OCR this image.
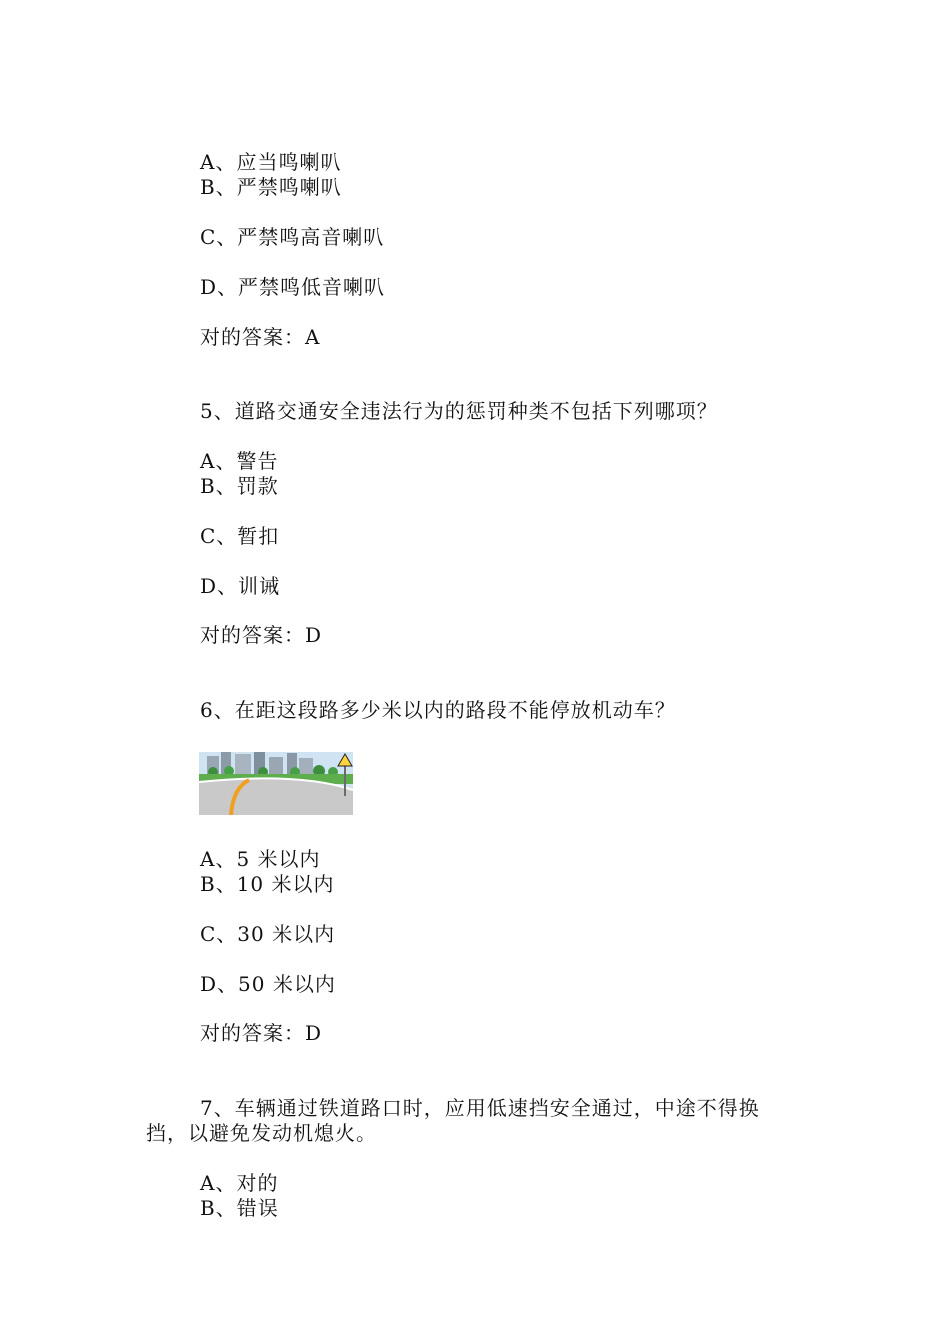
A、应当鸣喇叭
B、严禁鸣喇叭
C、严禁鸣高音喇叭
D、严禁鸣低音喇叭
对的答案：A
5、道路交通安全违法行为的惩罚种类不包括下列哪项？
A、警告
B、罚款
C、暂扣
D、训诫
对的答案：D
6、在距这段路多少米以内的路段不能停放机动车？
A、5 米以内
B、10 米以内
C、30 米以内
D、50 米以内
对的答案：D
7、车辆通过铁道路口时，应用低速挡安全通过，中途不得换
挡，以避免发动机熄火。
A、对的
B、错误
